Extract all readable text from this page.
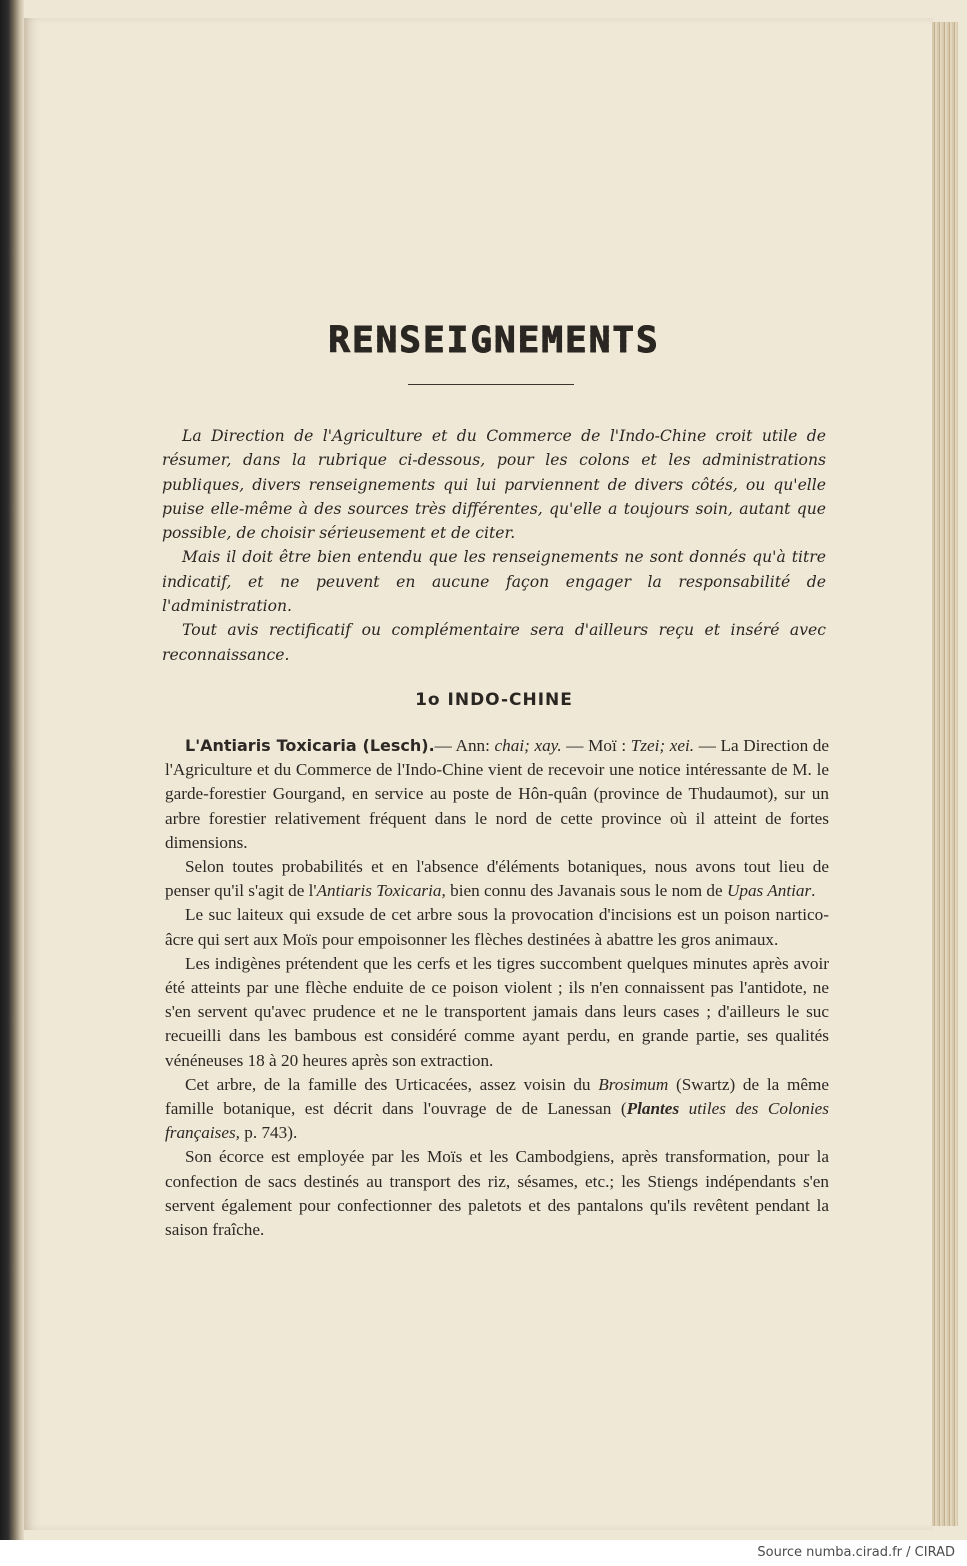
RENSEIGNEMENTS

La Direction de l'Agriculture et du Commerce de l'Indo-Chine croit utile de résumer, dans la rubrique ci-dessous, pour les colons et les administrations publiques, divers renseignements qui lui parviennent de divers côtés, ou qu'elle puise elle-même à des sources très différentes, qu'elle a toujours soin, autant que possible, de choisir sérieusement et de citer.

Mais il doit être bien entendu que les renseignements ne sont donnés qu'à titre indicatif, et ne peuvent en aucune façon engager la responsabilité de l'administration.

Tout avis rectificatif ou complémentaire sera d'ailleurs reçu et inséré avec reconnaissance.

1o INDO-CHINE

L'Antiaris Toxicaria (Lesch).— Ann: chai; xay. — Moï : Tzei; xei. — La Direction de l'Agriculture et du Commerce de l'Indo-Chine vient de recevoir une notice intéressante de M. le garde-forestier Gourgand, en service au poste de Hôn-quân (province de Thudaumot), sur un arbre forestier relativement fréquent dans le nord de cette province où il atteint de fortes dimensions.

Selon toutes probabilités et en l'absence d'éléments botaniques, nous avons tout lieu de penser qu'il s'agit de l'Antiaris Toxicaria, bien connu des Javanais sous le nom de Upas Antiar.

Le suc laiteux qui exsude de cet arbre sous la provocation d'incisions est un poison nartico-âcre qui sert aux Moïs pour empoisonner les flèches destinées à abattre les gros animaux.

Les indigènes prétendent que les cerfs et les tigres succombent quelques minutes après avoir été atteints par une flèche enduite de ce poison violent ; ils n'en connaissent pas l'antidote, ne s'en servent qu'avec prudence et ne le transportent jamais dans leurs cases ; d'ailleurs le suc recueilli dans les bambous est considéré comme ayant perdu, en grande partie, ses qualités vénéneuses 18 à 20 heures après son extraction.

Cet arbre, de la famille des Urticacées, assez voisin du Brosimum (Swartz) de la même famille botanique, est décrit dans l'ouvrage de de Lanessan (Plantes utiles des Colonies françaises, p. 743).

Son écorce est employée par les Moïs et les Cambodgiens, après transformation, pour la confection de sacs destinés au transport des riz, sésames, etc.; les Stiengs indépendants s'en servent également pour confectionner des paletots et des pantalons qu'ils revêtent pendant la saison fraîche.

Source numba.cirad.fr / CIRAD
